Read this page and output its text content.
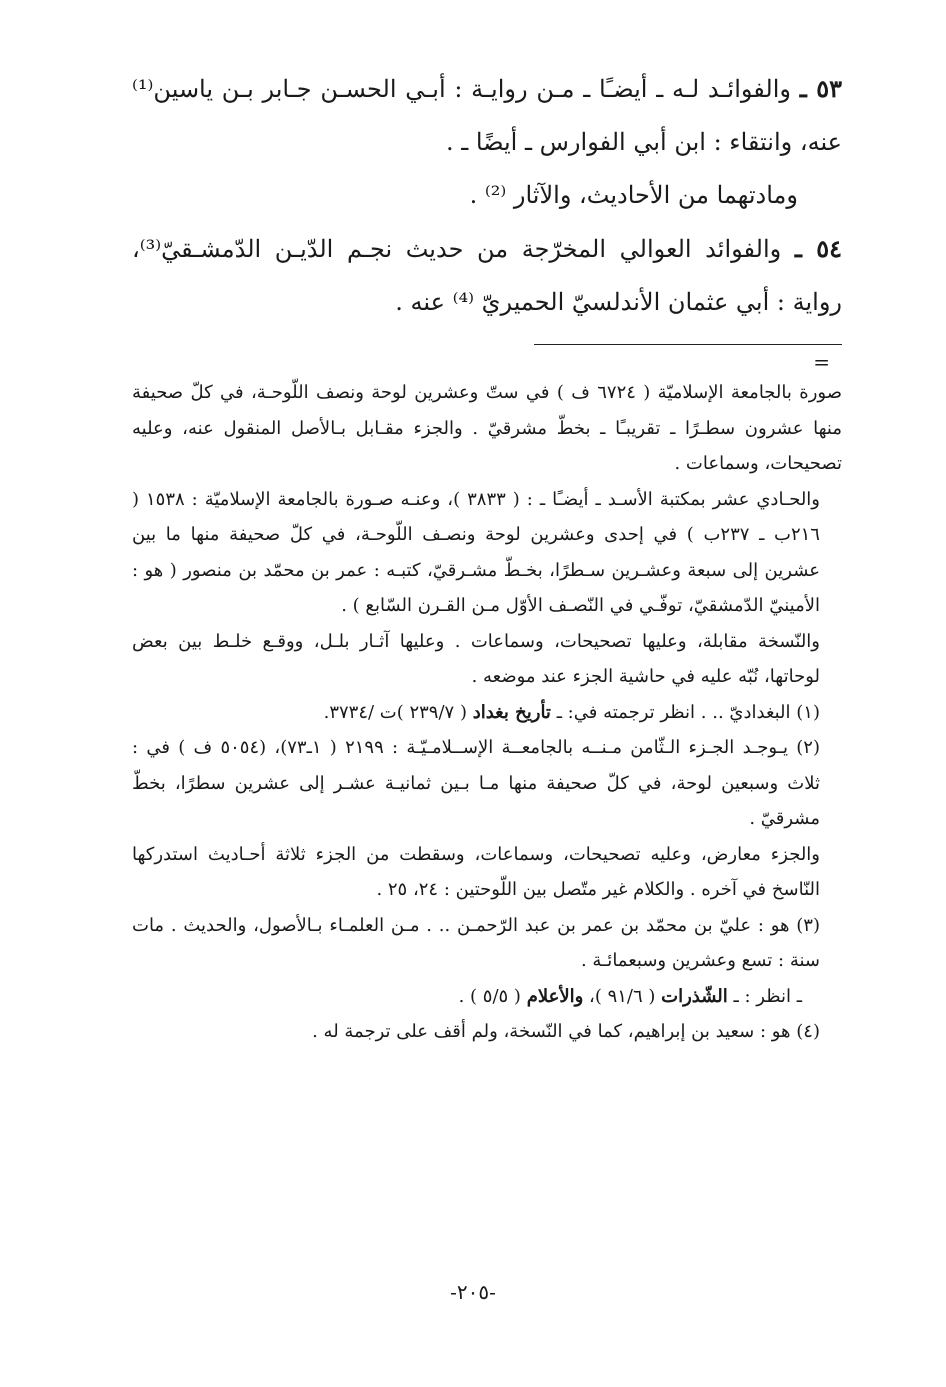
٥٣ ـ والفوائـد لـه ـ أيضـًا ـ مـن روايـة : أبـي الحسـن جـابر بـن ياسين⁽¹⁾ عنه، وانتقاء : ابن أبي الفوارس ـ أيضًا ـ .

ومادتهما من الأحاديث، والآثار ⁽²⁾ .

٥٤ ـ والفوائد العوالي المخرّجة من حديث نجـم الدّيـن الدّمشـقيّ⁽³⁾، رواية : أبي عثمان الأندلسيّ الحميريّ ⁽⁴⁾ عنه .

=

صورة بالجامعة الإسلاميّة ( ٦٧٢٤ ف ) في ستّ وعشرين لوحة ونصف اللّوحـة، في كلّ صحيفة منها عشرون سطـرًا ـ تقريبـًا ـ بخطّ مشرقيّ . والجزء مقـابل بـالأصل المنقول عنه، وعليه تصحيحات، وسماعات .

والحـادي عشر بمكتبة الأسـد ـ أيضـًا ـ : ( ٣٨٣٣ )، وعنـه صـورة بالجامعة الإسلاميّة : ١٥٣٨ ( ٢١٦ب ـ ٢٣٧ب ) في إحدى وعشرين لوحة ونصـف اللّوحـة، في كلّ صحيفة منها ما بين عشرين إلى سبعة وعشـرين سـطرًا، بخـطّ مشـرقيّ، كتبـه : عمر بن محمّد بن منصور ( هو : الأمينيّ الدّمشقيّ، توفّـي في النّصـف الأوّل مـن القـرن السّابع ) .

والنّسخة مقابلة، وعليها تصحيحات، وسماعات . وعليها آثـار بلـل، ووقـع خلـط بين بعض لوحاتها، نُبّه عليه في حاشية الجزء عند موضعه .

(١) البغداديّ .. . انظر ترجمته في: ـ تأريخ بغداد ( ٢٣٩/٧ )ت /٣٧٣٤.

(٢) يـوجـد الجـزء الـثّامن مـنــه بالجامعــة الإســلامـيّـة : ٢١٩٩ ( ١ـ٧٣)، (٥٠٥٤ ف ) في : ثلاث وسبعين لوحة، في كلّ صحيفة منها مـا بـين ثمانيـة عشـر إلى عشرين سطرًا، بخطّ مشرقيّ .

والجزء معارض، وعليه تصحيحات، وسماعات، وسقطت من الجزء ثلاثة أحـاديث استدركها النّاسخ في آخره . والكلام غير متّصل بين اللّوحتين : ٢٤، ٢٥ .

(٣) هو : عليّ بن محمّد بن عمر بن عبد الرّحمـن .. . مـن العلمـاء بـالأصول، والحديث . مات سنة : تسع وعشرين وسبعمائـة .

ـ انظر : ـ الشّذرات ( ٩١/٦ )، والأعلام ( ٥/٥ ) .

(٤) هو : سعيد بن إبراهيم، كما في النّسخة، ولم أقف على ترجمة له .

-٢٠٥-
